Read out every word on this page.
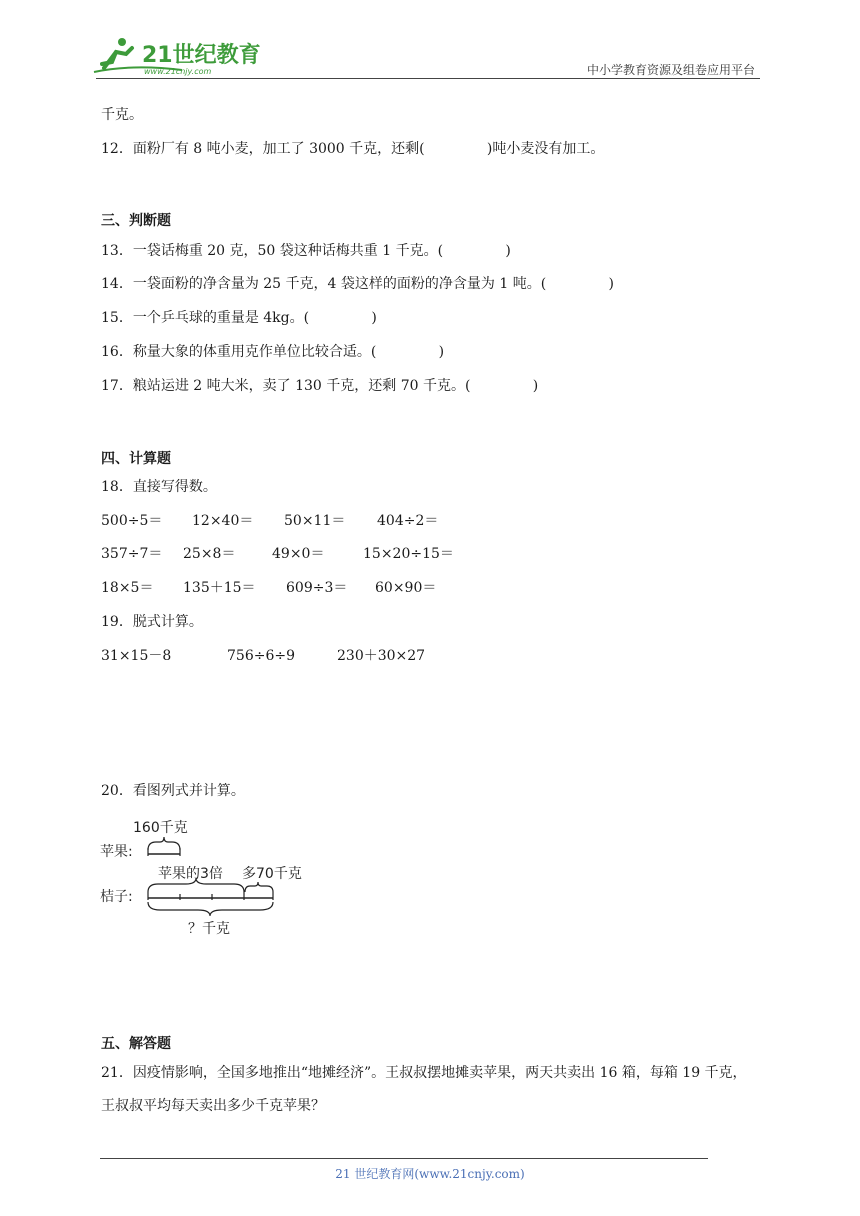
21世纪教育
www.21cnjy.com	中小学教育资源及组卷应用平台
千克。
12．面粉厂有 8 吨小麦，加工了 3000 千克，还剩(              )吨小麦没有加工。
三、判断题
13．一袋话梅重 20 克，50 袋这种话梅共重 1 千克。(              )
14．一袋面粉的净含量为 25 千克，4 袋这样的面粉的净含量为 1 吨。(              )
15．一个乒乓球的重量是 4kg。(              )
16．称量大象的体重用克作单位比较合适。(              )
17．粮站运进 2 吨大米，卖了 130 千克，还剩 70 千克。(              )
四、计算题
18．直接写得数。
500÷5＝ 12×40＝ 50×11＝ 404÷2＝
357÷7＝ 25×8＝	49×0＝	15×20÷15＝
18×5＝ 135＋15＝ 609÷3＝ 60×90＝
19．脱式计算。
31×15－8	756÷6÷9	230＋30×27
20．看图列式并计算。
160千克
苹果:
苹果的3倍 多70千克
桔子:
？千克
五、解答题
21．因疫情影响，全国多地推出“地摊经济”。王叔叔摆地摊卖苹果，两天共卖出 16 箱，每箱 19 千克，
王叔叔平均每天卖出多少千克苹果？
21 世纪教育网(www.21cnjy.com)
